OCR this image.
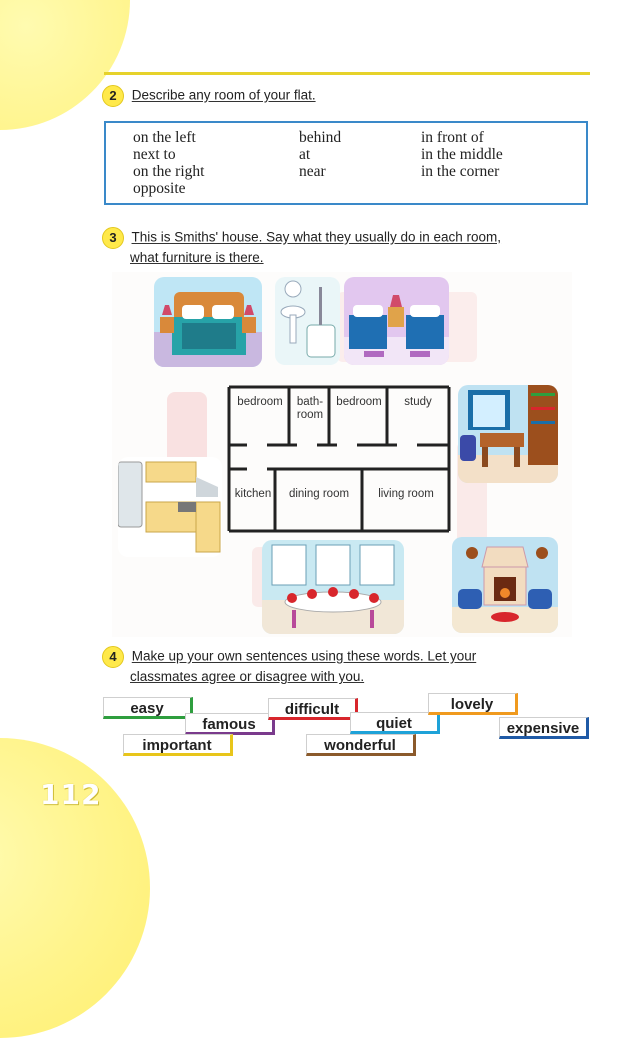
112
2 Describe any room of your flat.
on the left
next to
on the right
opposite
behind
at
near
in front of
in the middle
in the corner
3 This is Smiths' house. Say what they usually do in each room,
what furniture is there.
bedroom	bath-
room
bedroom	study
kitchen	dining room	living room
4 Make up your own sentences using these words. Let your
classmates agree or disagree with you.
easy
famous
important
difficult
wonderful
quiet
lovely
expensive
